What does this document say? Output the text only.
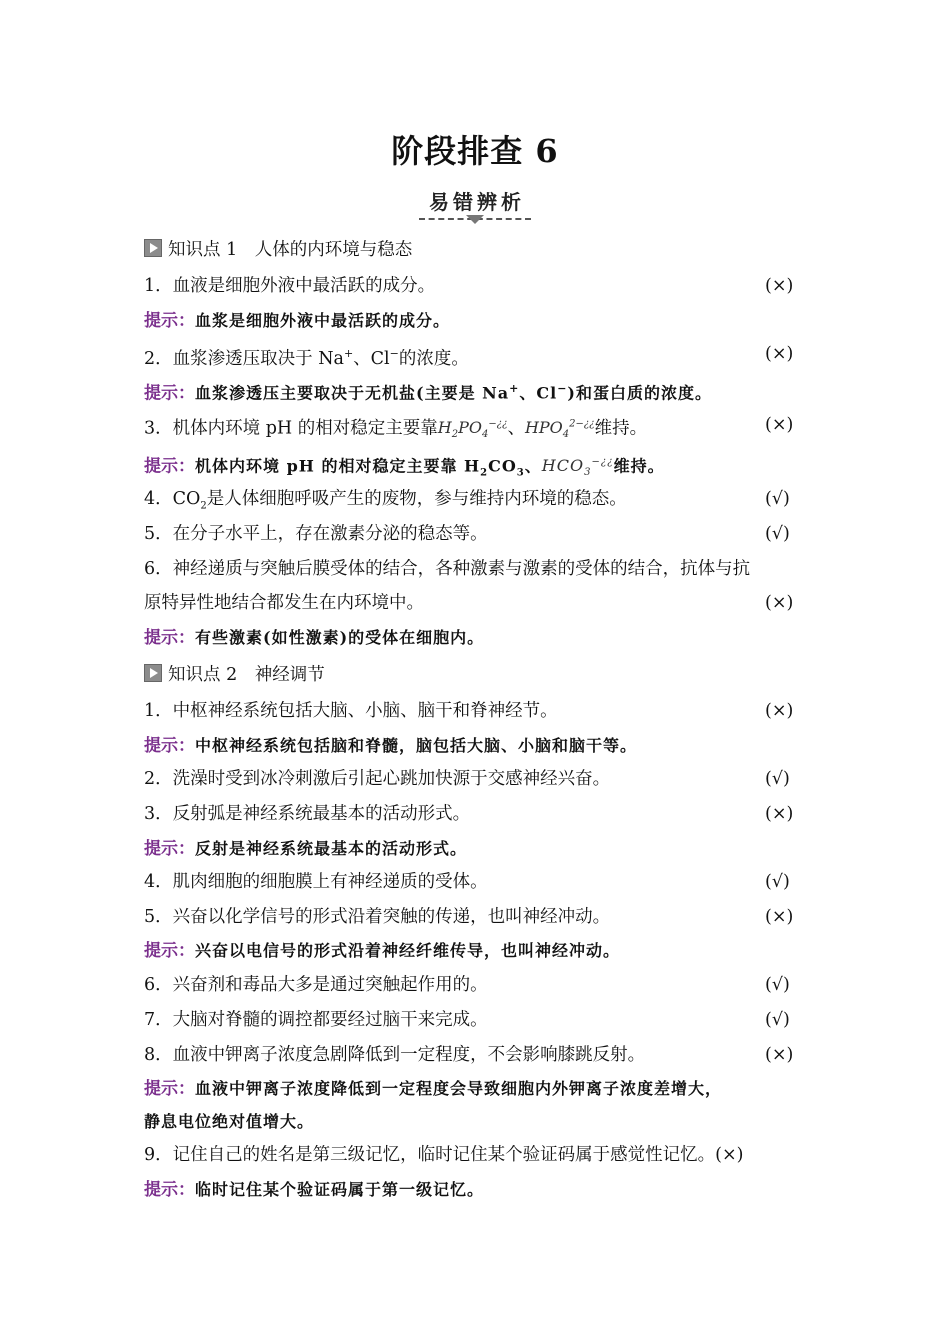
阶段排查 6
易错辨析
知识点 1　人体的内环境与稳态
1．血液是细胞外液中最活跃的成分。	(×)
提示：血浆是细胞外液中最活跃的成分。
2．血浆渗透压取决于 Na+、Cl−的浓度。	(×)
提示：血浆渗透压主要取决于无机盐(主要是 Na+、Cl−)和蛋白质的浓度。
3．机体内环境 pH 的相对稳定主要靠$H_2PO_4^{-¿¿}$、$HPO_4^{2-¿¿}$维持。	(×)
提示：机体内环境 pH 的相对稳定主要靠 $H_2CO_3$、$HCO_3^{-¿¿}$维持。
4．$CO_2$是人体细胞呼吸产生的废物，参与维持内环境的稳态。	(√)
5．在分子水平上，存在激素分泌的稳态等。	(√)
6．神经递质与突触后膜受体的结合，各种激素与激素的受体的结合，抗体与抗
原特异性地结合都发生在内环境中。	(×)
提示：有些激素(如性激素)的受体在细胞内。
知识点 2　神经调节
1．中枢神经系统包括大脑、小脑、脑干和脊神经节。	(×)
提示：中枢神经系统包括脑和脊髓，脑包括大脑、小脑和脑干等。
2．洗澡时受到冰冷刺激后引起心跳加快源于交感神经兴奋。	(√)
3．反射弧是神经系统最基本的活动形式。	(×)
提示：反射是神经系统最基本的活动形式。
4．肌肉细胞的细胞膜上有神经递质的受体。	(√)
5．兴奋以化学信号的形式沿着突触的传递，也叫神经冲动。	(×)
提示：兴奋以电信号的形式沿着神经纤维传导，也叫神经冲动。
6．兴奋剂和毒品大多是通过突触起作用的。	(√)
7．大脑对脊髓的调控都要经过脑干来完成。	(√)
8．血液中钾离子浓度急剧降低到一定程度，不会影响膝跳反射。	(×)
提示：血液中钾离子浓度降低到一定程度会导致细胞内外钾离子浓度差增大，
静息电位绝对值增大。
9．记住自己的姓名是第三级记忆，临时记住某个验证码属于感觉性记忆。(×)
提示：临时记住某个验证码属于第一级记忆。
